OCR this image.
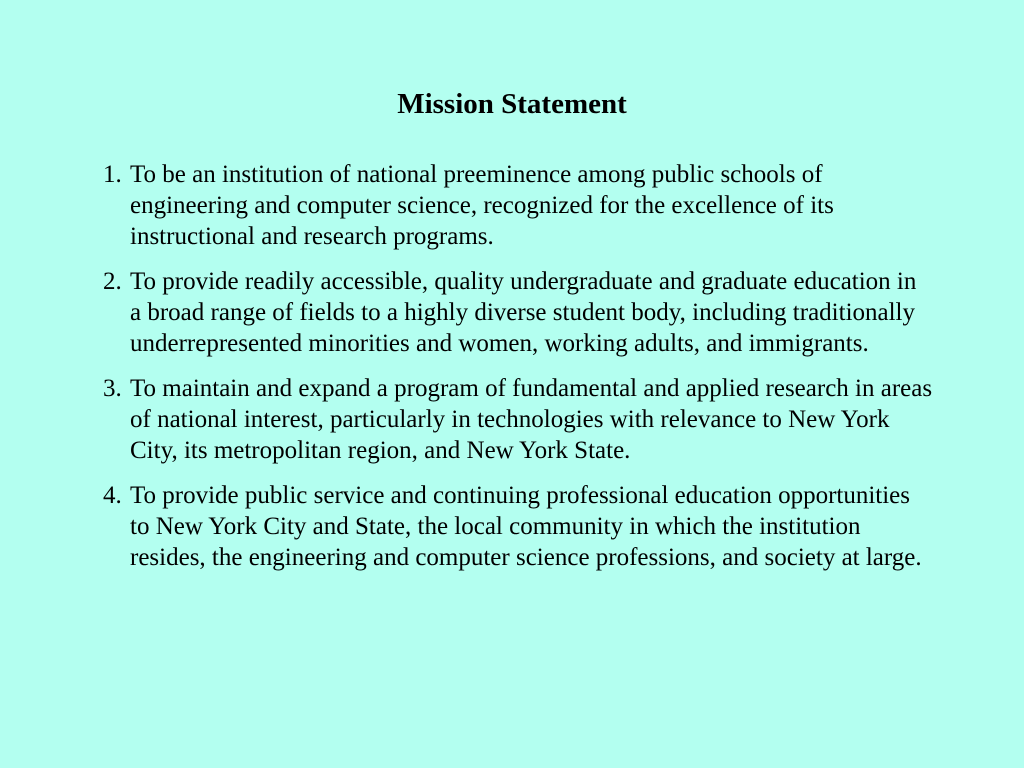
Mission Statement
1. To be an institution of national preeminence among public schools of engineering and computer science, recognized for the excellence of its instructional and research programs.
2. To provide readily accessible, quality undergraduate and graduate education in a broad range of fields to a highly diverse student body, including traditionally underrepresented minorities and women, working adults, and immigrants.
3. To maintain and expand a program of fundamental and applied research in areas of national interest, particularly in technologies with relevance to New York City, its metropolitan region, and New York State.
4. To provide public service and continuing professional education opportunities to New York City and State, the local community in which the institution resides, the engineering and computer science professions, and society at large.
